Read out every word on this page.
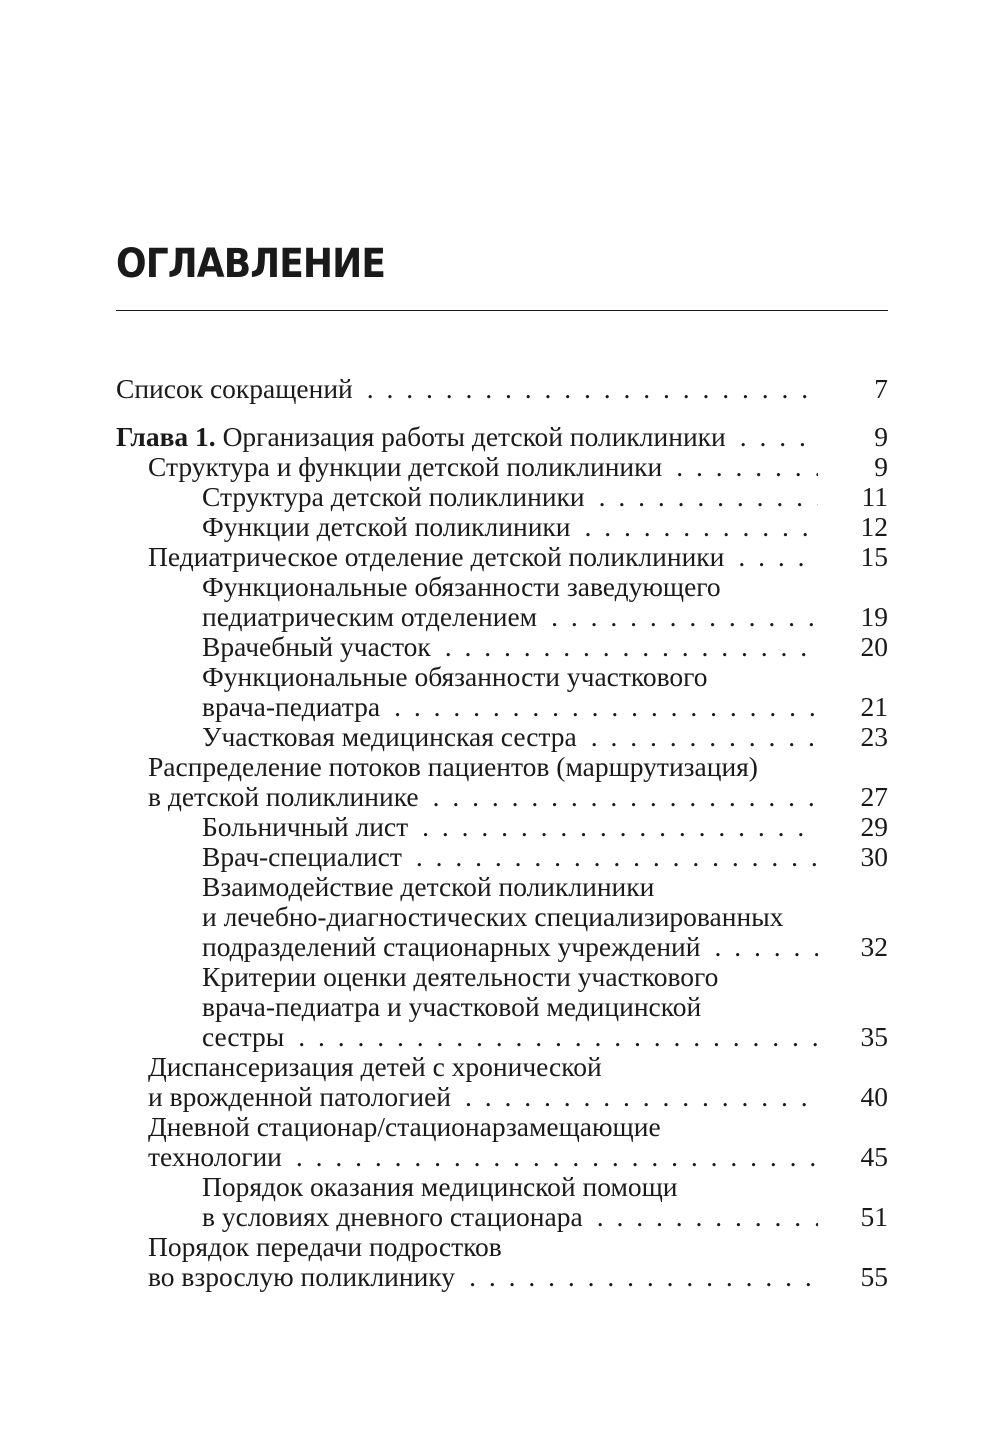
ОГЛАВЛЕНИЕ
Список сокращений . . .	7
Глава 1. Организация работы детской поликлиники . . .	9
Структура и функции детской поликлиники . . .	9
Структура детской поликлиники . . .	11
Функции детской поликлиники . . .	12
Педиатрическое отделение детской поликлиники . . .	15
Функциональные обязанности заведующего
педиатрическим отделением . . .	19
Врачебный участок . . .	20
Функциональные обязанности участкового
врача-педиатра . . .	21
Участковая медицинская сестра . . .	23
Распределение потоков пациентов (маршрутизация)
в детской поликлинике . . .	27
Больничный лист . . .	29
Врач-специалист . . .	30
Взаимодействие детской поликлиники
и лечебно-диагностических специализированных
подразделений стационарных учреждений . . .	32
Критерии оценки деятельности участкового
врача-педиатра и участковой медицинской
сестры . . .	35
Диспансеризация детей с хронической
и врожденной патологией . . .	40
Дневной стационар/стационарзамещающие
технологии . . .	45
Порядок оказания медицинской помощи
в условиях дневного стационара . . .	51
Порядок передачи подростков
во взрослую поликлинику . . .	55
